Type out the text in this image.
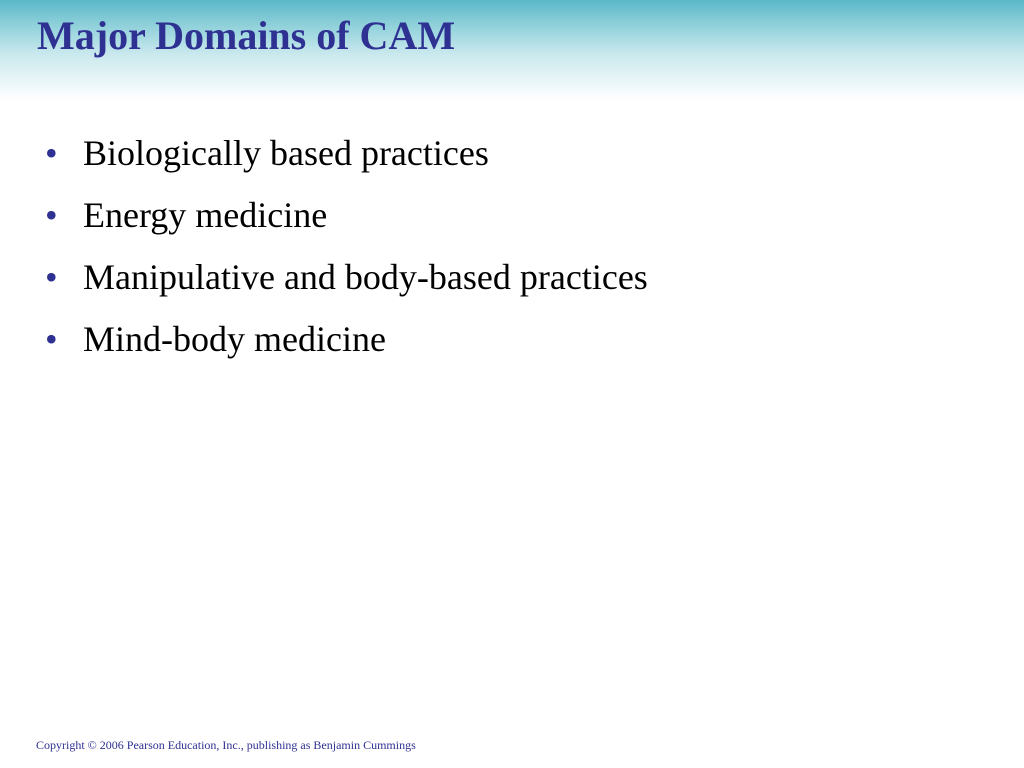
Major Domains of CAM
• Biologically based practices
• Energy medicine
• Manipulative and body-based practices
• Mind-body medicine
Copyright © 2006 Pearson Education, Inc., publishing as Benjamin Cummings
